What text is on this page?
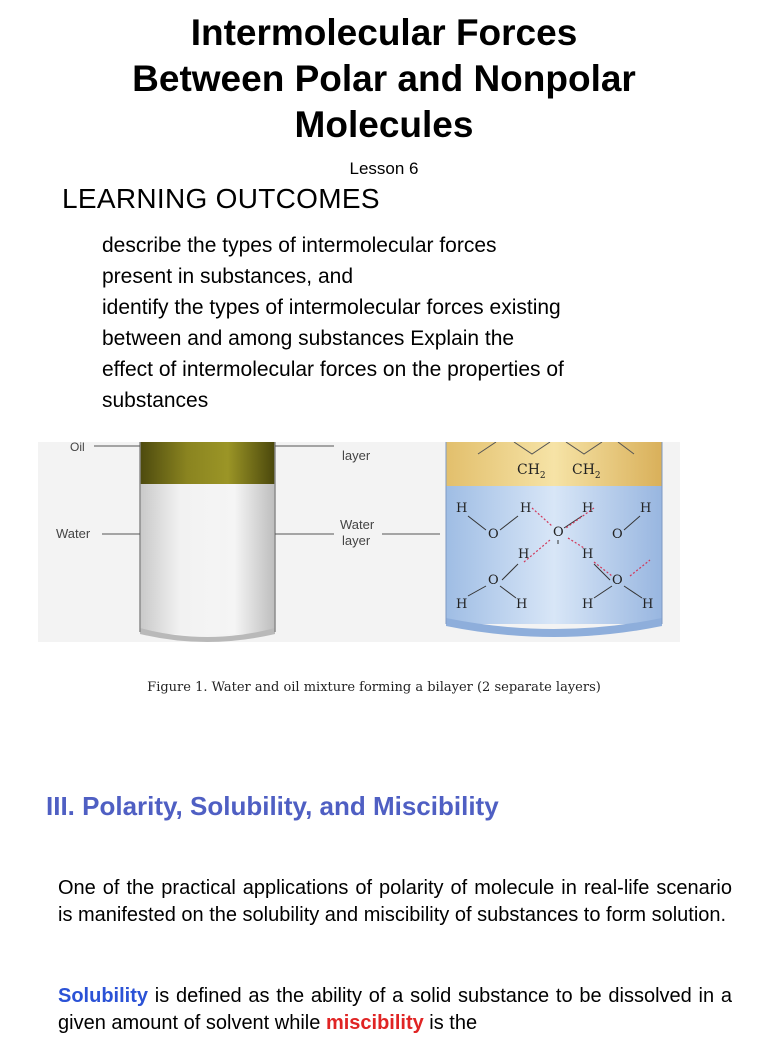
Intermolecular Forces
Between Polar and Nonpolar
Molecules
Lesson 6
LEARNING OUTCOMES

describe the types of intermolecular forces

present in substances, and

identify the types of intermolecular forces existing

between and among substances Explain the

effect of intermolecular forces on the properties of

substances

Oil
Water
layer
Water
layer
$CH_2$ $CH_2$
H	H	H	H
O	O	O
H	H
O	O
H	H	H	H
Figure 1. Water and oil mixture forming a bilayer (2 separate layers)
III. Polarity, Solubility, and Miscibility
One of the practical applications of polarity of molecule in real-life scenario is manifested on the solubility and miscibility of substances to form solution.
Solubility is defined as the ability of a solid substance to be dissolved in a given amount of solvent while miscibility is the
